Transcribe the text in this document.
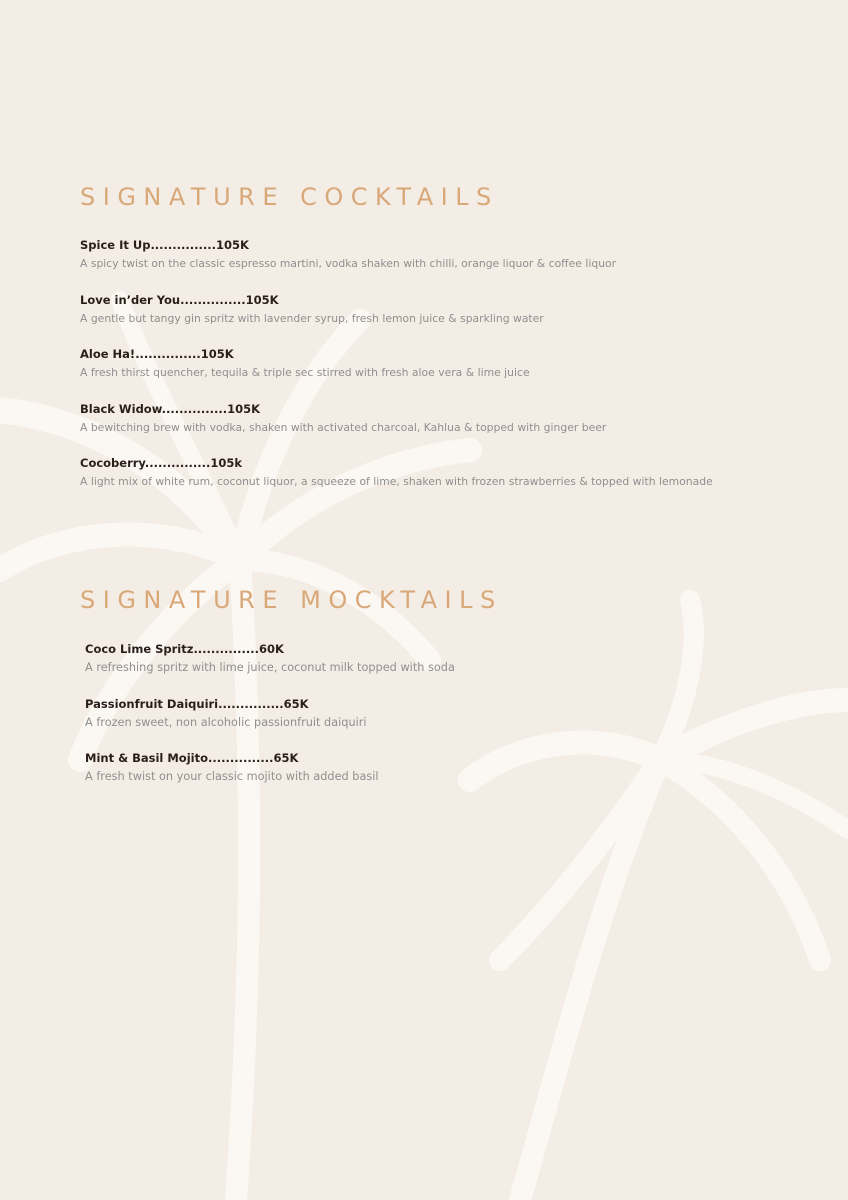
SIGNATURE COCKTAILS
Spice It Up...............105K
A spicy twist on the classic espresso martini, vodka shaken with chilli, orange liquor & coffee liquor
Love in’der You...............105K
A gentle but tangy gin spritz with lavender syrup, fresh lemon juice & sparkling water
Aloe Ha!...............105K
A fresh thirst quencher, tequila & triple sec stirred with fresh aloe vera & lime juice
Black Widow...............105K
A bewitching brew with vodka, shaken with activated charcoal, Kahlua & topped with ginger beer
Cocoberry...............105k
A light mix of white rum, coconut liquor, a squeeze of lime, shaken with frozen strawberries & topped with lemonade
SIGNATURE MOCKTAILS
Coco Lime Spritz...............60K
A refreshing spritz with lime juice, coconut milk topped with soda
Passionfruit Daiquiri...............65K
A frozen sweet, non alcoholic passionfruit daiquiri
Mint & Basil Mojito...............65K
A fresh twist on your classic mojito with added basil
